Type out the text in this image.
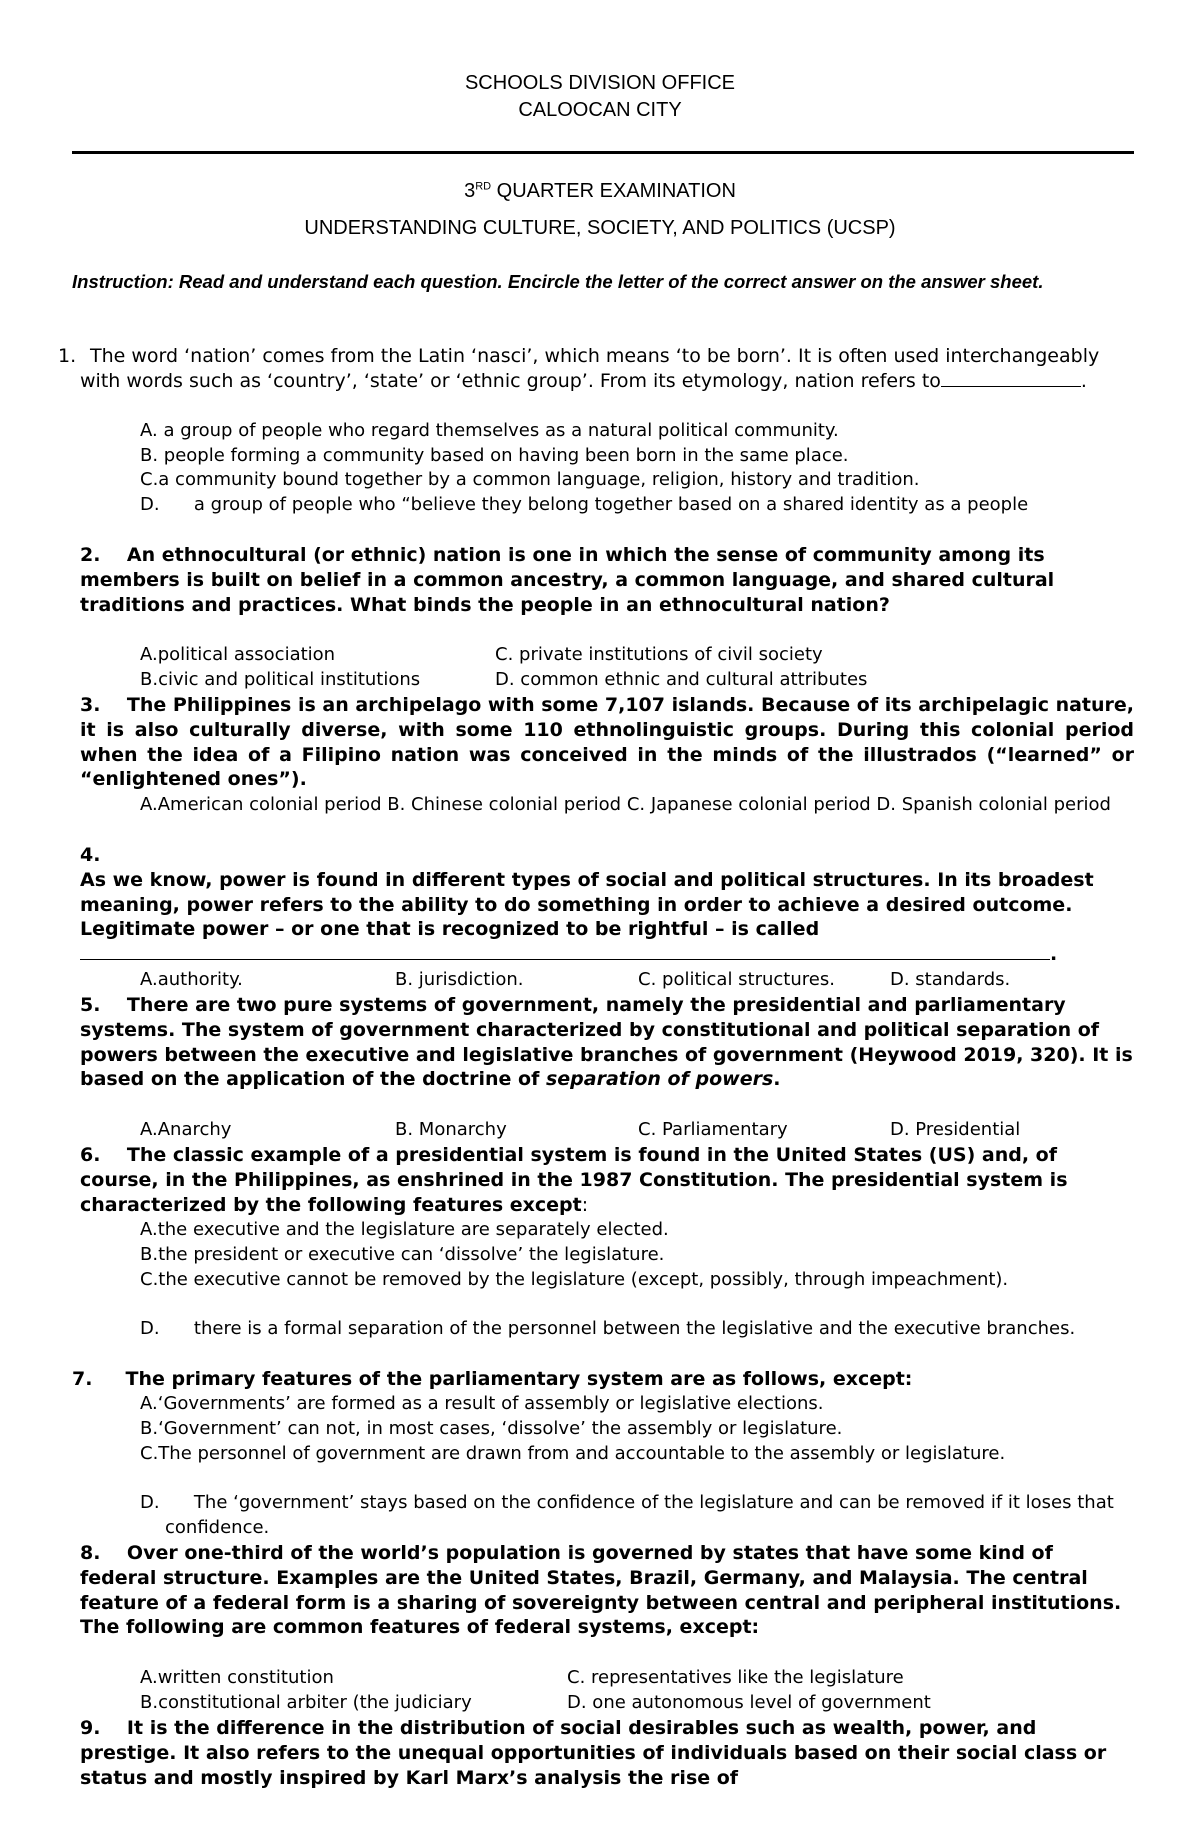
SCHOOLS DIVISION OFFICE
CALOOCAN CITY
3RD QUARTER EXAMINATION
UNDERSTANDING CULTURE, SOCIETY, AND POLITICS (UCSP)
Instruction: Read and understand each question. Encircle the letter of the correct answer on the answer sheet.
1. The word ‘nation’ comes from the Latin ‘nasci’, which means ‘to be born’. It is often used interchangeably with words such as ‘country’, ‘state’ or ‘ethnic group’. From its etymology, nation refers to	.
A. a group of people who regard themselves as a natural political community.
B. people forming a community based on having been born in the same place.
C.a community bound together by a common language, religion, history and tradition.
D.      a group of people who “believe they belong together based on a shared identity as a people
2. An ethnocultural (or ethnic) nation is one in which the sense of community among its members is built on belief in a common ancestry, a common language, and shared cultural traditions and practices. What binds the people in an ethnocultural nation?
A.political association
B.civic and political institutions
C. private institutions of civil society
D. common ethnic and cultural attributes
3. The Philippines is an archipelago with some 7,107 islands. Because of its archipelagic nature, it is also culturally diverse, with some 110 ethnolinguistic groups. During this colonial period when the idea of a Filipino nation was conceived in the minds of the illustrados (“learned” or “enlightened ones”).
A.American colonial period B. Chinese colonial period C. Japanese colonial period D. Spanish colonial period
4.
As we know, power is found in different types of social and political structures. In its broadest meaning, power refers to the ability to do something in order to achieve a desired outcome. Legitimate power – or one that is recognized to be rightful – is called.
A.authority.	B. jurisdiction.	C. political structures.	D. standards.
5. There are two pure systems of government, namely the presidential and parliamentary systems. The system of government characterized by constitutional and political separation of powers between the executive and legislative branches of government (Heywood 2019, 320). It is based on the application of the doctrine of separation of powers.
A.Anarchy	B. Monarchy	C. Parliamentary	D. Presidential
6. The classic example of a presidential system is found in the United States (US) and, of course, in the Philippines, as enshrined in the 1987 Constitution. The presidential system is characterized by the following features except:
A.the executive and the legislature are separately elected.
B.the president or executive can ‘dissolve’ the legislature.
C.the executive cannot be removed by the legislature (except, possibly, through impeachment).
D.      there is a formal separation of the personnel between the legislative and the executive branches.
7. The primary features of the parliamentary system are as follows, except:
A.‘Governments’ are formed as a result of assembly or legislative elections.
B.‘Government’ can not, in most cases, ‘dissolve’ the assembly or legislature.
C.The personnel of government are drawn from and accountable to the assembly or legislature.
D.      The ‘government’ stays based on the confidence of the legislature and can be removed if it loses that confidence.
8. Over one-third of the world’s population is governed by states that have some kind of federal structure. Examples are the United States, Brazil, Germany, and Malaysia. The central feature of a federal form is a sharing of sovereignty between central and peripheral institutions. The following are common features of federal systems, except:
A.written constitution
B.constitutional arbiter (the judiciary
C. representatives like the legislature
D. one autonomous level of government
9. It is the difference in the distribution of social desirables such as wealth, power, and prestige. It also refers to the unequal opportunities of individuals based on their social class or status and mostly inspired by Karl Marx’s analysis the rise of
